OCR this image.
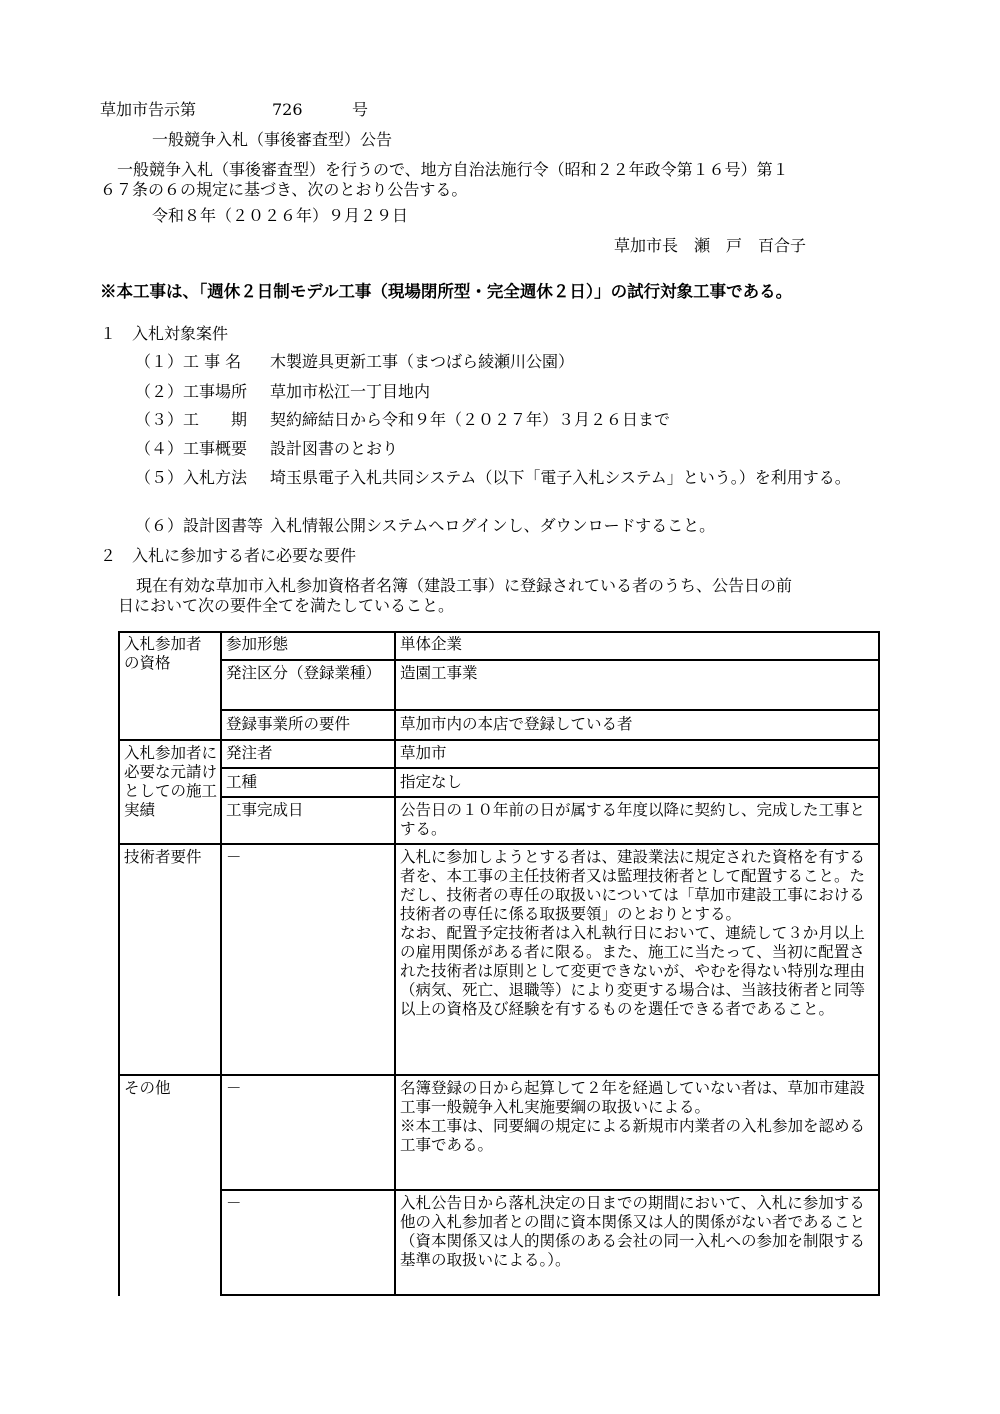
草加市告示第	726	号
一般競争入札（事後審査型）公告
一般競争入札（事後審査型）を行うので、地方自治法施行令（昭和２２年政令第１６号）第１
６７条の６の規定に基づき、次のとおり公告する。
令和８年（２０２６年）９月２９日
草加市長　瀬　戸　百合子
※本工事は、「週休２日制モデル工事（現場閉所型・完全週休２日）」の試行対象工事である。
１　入札対象案件
（１）工 事 名	木製遊具更新工事（まつばら綾瀬川公園）
（２）工事場所	草加市松江一丁目地内
（３）工　　期	契約締結日から令和９年（２０２７年）３月２６日まで
（４）工事概要	設計図書のとおり
（５）入札方法	埼玉県電子入札共同システム（以下「電子入札システム」という。）を利用する。
（６）設計図書等 入札情報公開システムへログインし、ダウンロードすること。
２　入札に参加する者に必要な要件
現在有効な草加市入札参加資格者名簿（建設工事）に登録されている者のうち、公告日の前
日において次の要件全てを満たしていること。
入札参加者の資格
参加形態	単体企業
発注区分（登録業種）	造園工事業
登録事業所の要件	草加市内の本店で登録している者
入札参加者に必要な元請けとしての施工実績
発注者	草加市
工種	指定なし
工事完成日	公告日の１０年前の日が属する年度以降に契約し、完成した工事とする。
技術者要件	－	入札に参加しようとする者は、建設業法に規定された資格を有する者を、本工事の主任技術者又は監理技術者として配置すること。ただし、技術者の専任の取扱いについては「草加市建設工事における技術者の専任に係る取扱要領」のとおりとする。
なお、配置予定技術者は入札執行日において、連続して３か月以上の雇用関係がある者に限る。また、施工に当たって、当初に配置された技術者は原則として変更できないが、やむを得ない特別な理由（病気、死亡、退職等）により変更する場合は、当該技術者と同等以上の資格及び経験を有するものを選任できる者であること。
その他	－	名簿登録の日から起算して２年を経過していない者は、草加市建設工事一般競争入札実施要綱の取扱いによる。
※本工事は、同要綱の規定による新規市内業者の入札参加を認める工事である。
－	入札公告日から落札決定の日までの期間において、入札に参加する他の入札参加者との間に資本関係又は人的関係がない者であること（資本関係又は人的関係のある会社の同一入札への参加を制限する基準の取扱いによる。）。
